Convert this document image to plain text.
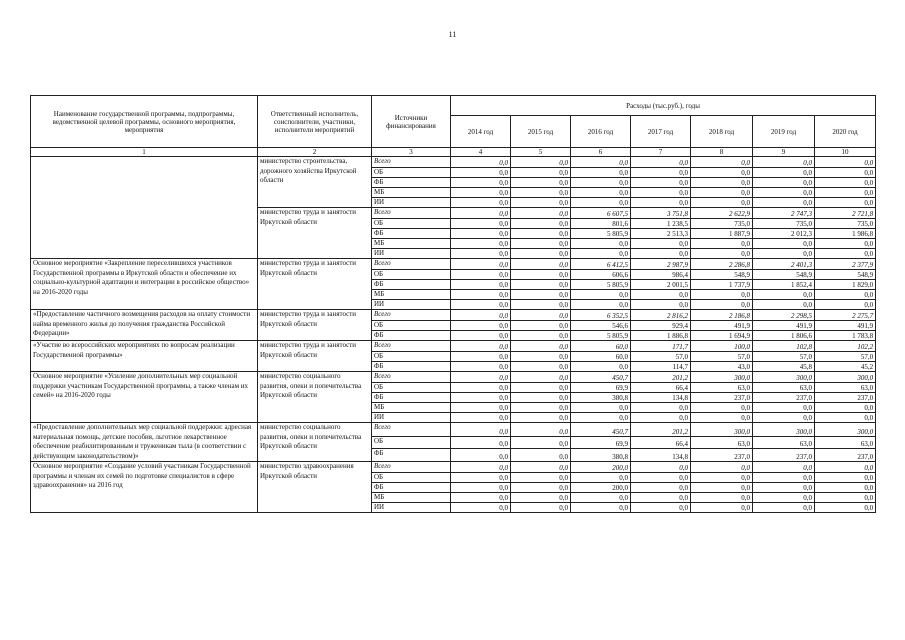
11
Наименование государственной программы, подпрограммы, ведомственной целевой программы, основного мероприятия, мероприятия	Ответственный исполнитель, соисполнители, участники, исполнители мероприятий	Источники финансирования	Расходы (тыс.руб.), годы						
			2014 год	2015 год	2016 год	2017 год	2018 год	2019 год	2020 год
1	2	3	4	5	6	7	8	9	10
	министерство строительства, дорожного хозяйства Иркутской области	Всего	0,0	0,0	0,0	0,0	0,0	0,0	0,0
		ОБ	0,0	0,0	0,0	0,0	0,0	0,0	0,0
		ФБ	0,0	0,0	0,0	0,0	0,0	0,0	0,0
		МБ	0,0	0,0	0,0	0,0	0,0	0,0	0,0
		ИИ	0,0	0,0	0,0	0,0	0,0	0,0	0,0
	министерство труда и занятости Иркутской области	Всего	0,0	0,0	6 607,5	3 751,8	2 622,9	2 747,3	2 721,8
		ОБ	0,0	0,0	801,6	1 238,5	735,0	735,0	735,0
		ФБ	0,0	0,0	5 805,9	2 513,3	1 887,9	2 012,3	1 986,8
		МБ	0,0	0,0	0,0	0,0	0,0	0,0	0,0
		ИИ	0,0	0,0	0,0	0,0	0,0	0,0	0,0
Основное мероприятие «Закрепление переселившихся участников Государственной программы в Иркутской области и обеспечение их социально-культурной адаптации и интеграции в российское общество» на 2016-2020 годы	министерство труда и занятости Иркутской области	Всего	0,0	0,0	6 412,5	2 987,9	2 286,8	2 401,3	2 377,9
		ОБ	0,0	0,0	606,6	986,4	548,9	548,9	548,9
		ФБ	0,0	0,0	5 805,9	2 001,5	1 737,9	1 852,4	1 829,0
		МБ	0,0	0,0	0,0	0,0	0,0	0,0	0,0
		ИИ	0,0	0,0	0,0	0,0	0,0	0,0	0,0
«Предоставление частичного возмещения расходов на оплату стоимости найма временного жилья до получения гражданства Российской Федерации»	министерство труда и занятости Иркутской области	Всего	0,0	0,0	6 352,5	2 816,2	2 186,8	2 298,5	2 275,7
		ОБ	0,0	0,0	546,6	929,4	491,9	491,9	491,9
		ФБ	0,0	0,0	5 805,9	1 886,8	1 694,9	1 806,6	1 783,8
«Участие во всероссийских мероприятиях по вопросам реализации Государственной программы»	министерство труда и занятости Иркутской области	Всего	0,0	0,0	60,0	171,7	100,0	102,8	102,2
		ОБ	0,0	0,0	60,0	57,0	57,0	57,0	57,0
		ФБ	0,0	0,0	0,0	114,7	43,0	45,8	45,2
Основное мероприятие «Усиление дополнительных мер социальной поддержки участникам Государственной программы, а также членам их семей» на 2016-2020 годы	министерство социального развития, опеки и попечительства Иркутской области	Всего	0,0	0,0	450,7	201,2	300,0	300,0	300,0
		ОБ	0,0	0,0	69,9	66,4	63,0	63,0	63,0
		ФБ	0,0	0,0	380,8	134,8	237,0	237,0	237,0
		МБ	0,0	0,0	0,0	0,0	0,0	0,0	0,0
		ИИ	0,0	0,0	0,0	0,0	0,0	0,0	0,0
«Предоставление дополнительных мер социальной поддержки: адресная материальная помощь, детские пособия, льготное лекарственное обеспечение реабилитированным и труженикам тыла (в соответствии с действующим законодательством)»	министерство социального развития, опеки и попечительства Иркутской области	Всего	0,0	0,0	450,7	201,2	300,0	300,0	300,0
		ОБ	0,0	0,0	69,9	66,4	63,0	63,0	63,0
		ФБ	0,0	0,0	380,8	134,8	237,0	237,0	237,0
Основное мероприятие «Создание условий участникам Государственной программы и членам их семей по подготовке специалистов в сфере здравоохранения» на 2016 год	министерство здравоохранения Иркутской области	Всего	0,0	0,0	200,0	0,0	0,0	0,0	0,0
		ОБ	0,0	0,0	0,0	0,0	0,0	0,0	0,0
		ФБ	0,0	0,0	200,0	0,0	0,0	0,0	0,0
		МБ	0,0	0,0	0,0	0,0	0,0	0,0	0,0
		ИИ	0,0	0,0	0,0	0,0	0,0	0,0	0,0
